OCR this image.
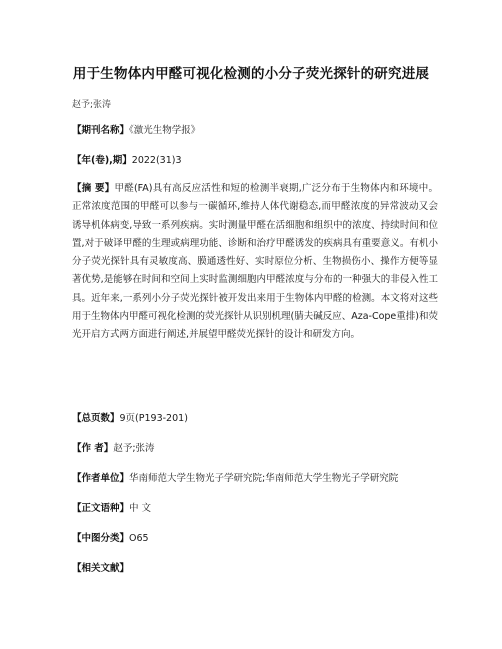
用于生物体内甲醛可视化检测的小分子荧光探针的研究进展
赵予;张涛
【期刊名称】《激光生物学报》
【年(卷),期】2022(31)3
【摘 要】甲醛(FA)具有高反应活性和短的检测半衰期,广泛分布于生物体内和环境中。正常浓度范围的甲醛可以参与一碳循环,维持人体代谢稳态,而甲醛浓度的异常波动又会诱导机体病变,导致一系列疾病。实时测量甲醛在活细胞和组织中的浓度、持续时间和位置,对于破译甲醛的生理或病理功能、诊断和治疗甲醛诱发的疾病具有重要意义。有机小分子荧光探针具有灵敏度高、膜通透性好、实时原位分析、生物损伤小、操作方便等显著优势,是能够在时间和空间上实时监测细胞内甲醛浓度与分布的一种强大的非侵入性工具。近年来,一系列小分子荧光探针被开发出来用于生物体内甲醛的检测。本文将对这些用于生物体内甲醛可视化检测的荧光探针从识别机理(腈夫碱反应、Aza-Cope重排)和荧光开启方式两方面进行阐述,并展望甲醛荧光探针的设计和研发方向。
【总页数】9页(P193-201)
【作 者】赵予;张涛
【作者单位】华南师范大学生物光子学研究院;华南师范大学生物光子学研究院
【正文语种】中 文
【中图分类】O65
【相关文献】
